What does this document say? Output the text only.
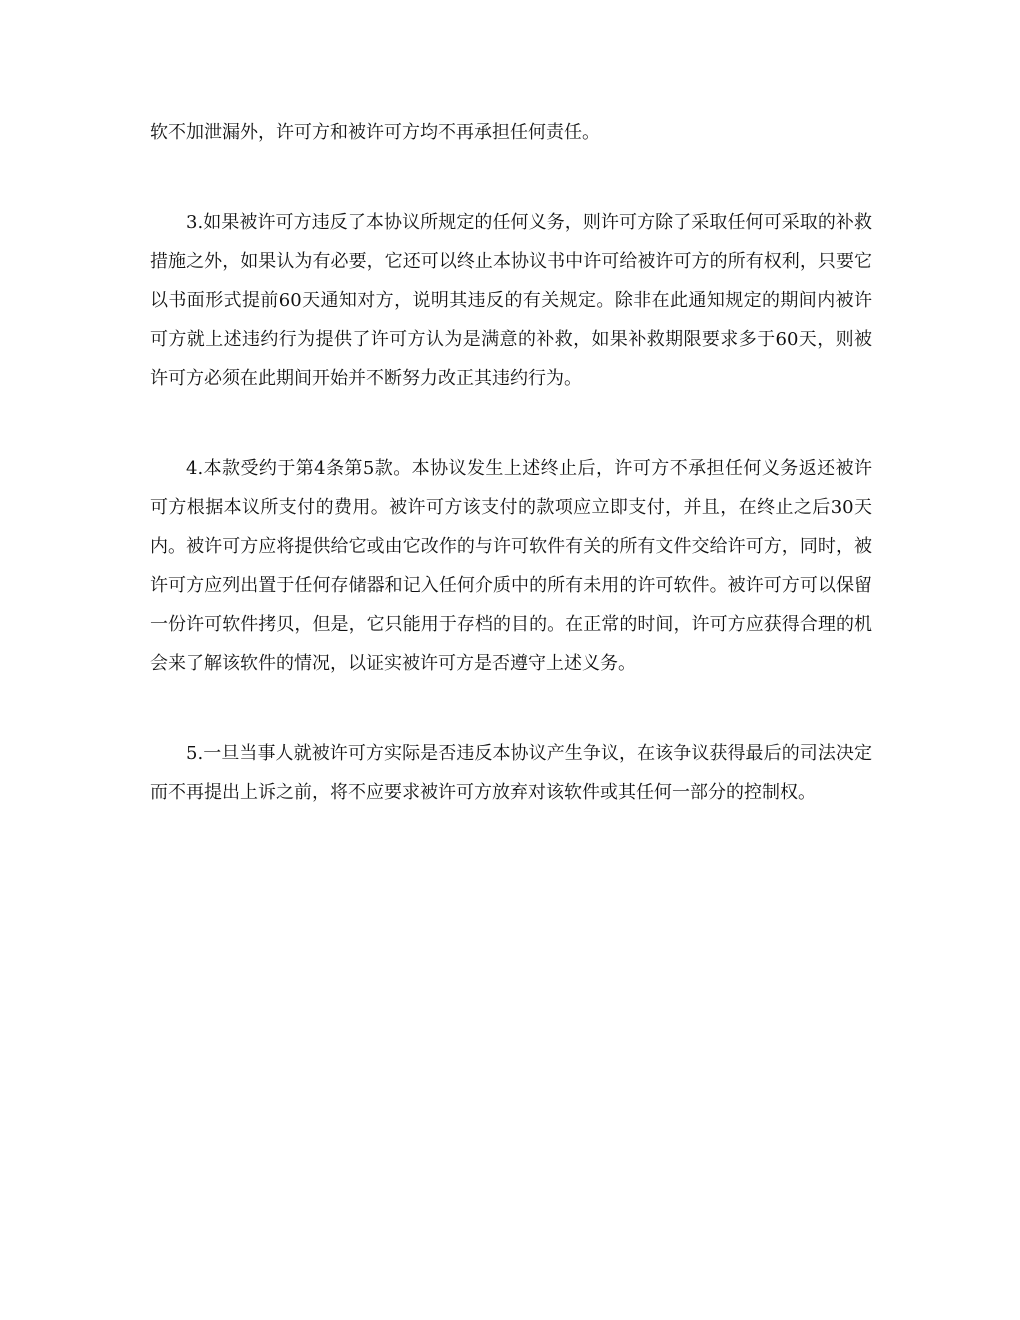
软不加泄漏外，许可方和被许可方均不再承担任何责任。

3.如果被许可方违反了本协议所规定的任何义务，则许可方除了采取任何可采取的补救措施之外，如果认为有必要，它还可以终止本协议书中许可给被许可方的所有权利，只要它以书面形式提前60天通知对方，说明其违反的有关规定。除非在此通知规定的期间内被许可方就上述违约行为提供了许可方认为是满意的补救，如果补救期限要求多于60天，则被许可方必须在此期间开始并不断努力改正其违约行为。

4.本款受约于第4条第5款。本协议发生上述终止后，许可方不承担任何义务返还被许可方根据本议所支付的费用。被许可方该支付的款项应立即支付，并且，在终止之后30天内。被许可方应将提供给它或由它改作的与许可软件有关的所有文件交给许可方，同时，被许可方应列出置于任何存储器和记入任何介质中的所有未用的许可软件。被许可方可以保留一份许可软件拷贝，但是，它只能用于存档的目的。在正常的时间，许可方应获得合理的机会来了解该软件的情况，以证实被许可方是否遵守上述义务。

5.一旦当事人就被许可方实际是否违反本协议产生争议，在该争议获得最后的司法决定而不再提出上诉之前，将不应要求被许可方放弃对该软件或其任何一部分的控制权。
